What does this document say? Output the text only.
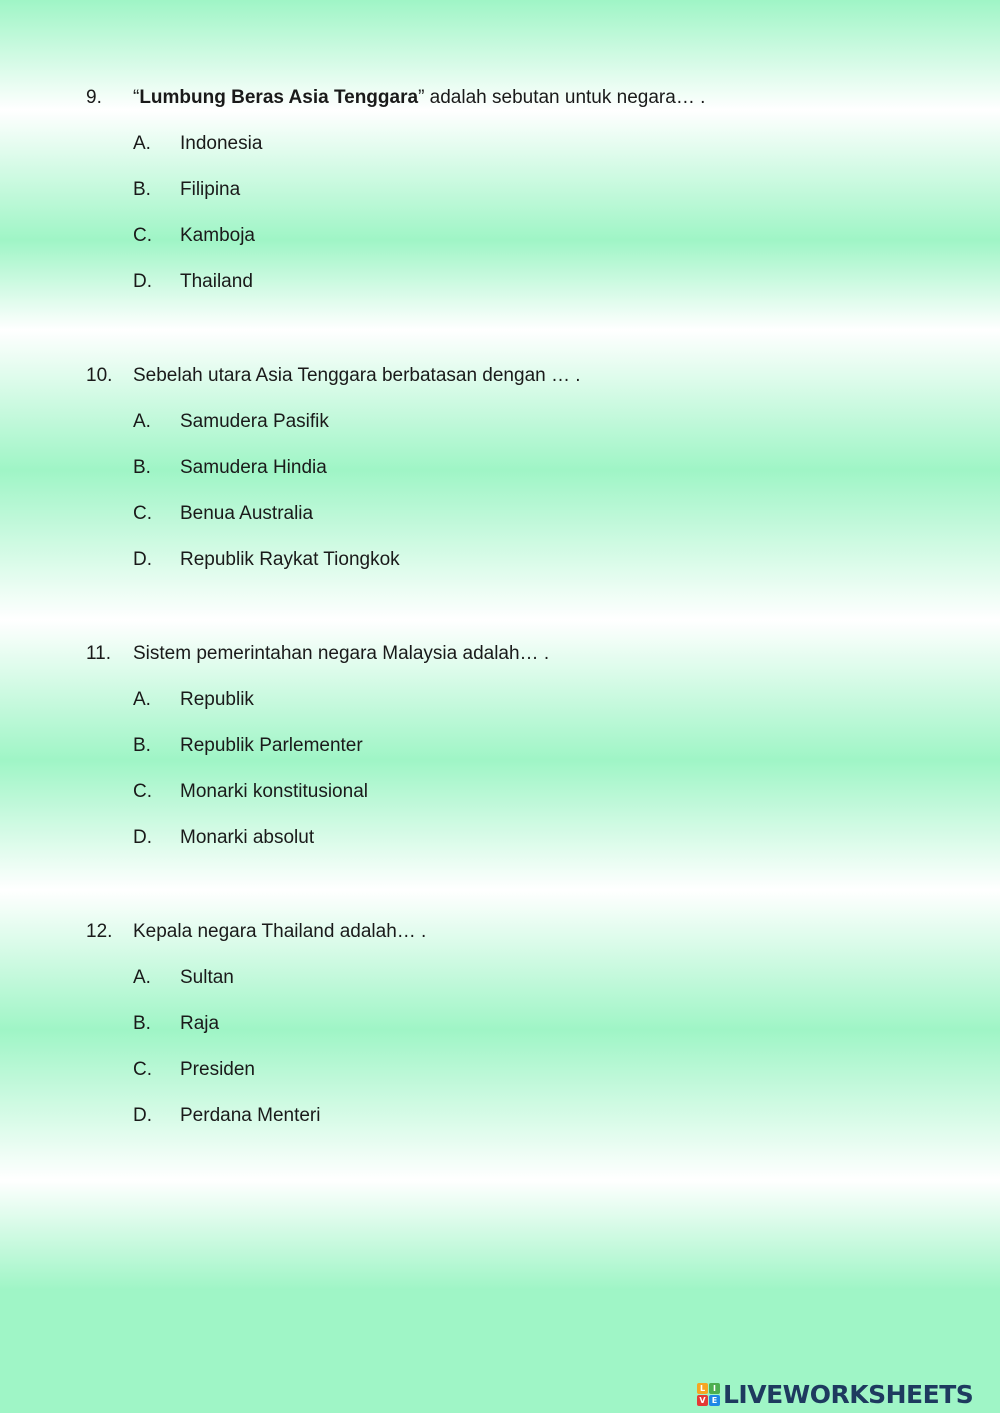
9. “Lumbung Beras Asia Tenggara” adalah sebutan untuk negara… .
A. Indonesia
B. Filipina
C. Kamboja
D. Thailand
10. Sebelah utara Asia Tenggara berbatasan dengan … .
A. Samudera Pasifik
B. Samudera Hindia
C. Benua Australia
D. Republik Raykat Tiongkok
11. Sistem pemerintahan negara Malaysia adalah… .
A. Republik
B. Republik Parlementer
C. Monarki konstitusional
D. Monarki absolut
12. Kepala negara Thailand adalah… .
A. Sultan
B. Raja
C. Presiden
D. Perdana Menteri
L I
V E LIVEWORKSHEETS
